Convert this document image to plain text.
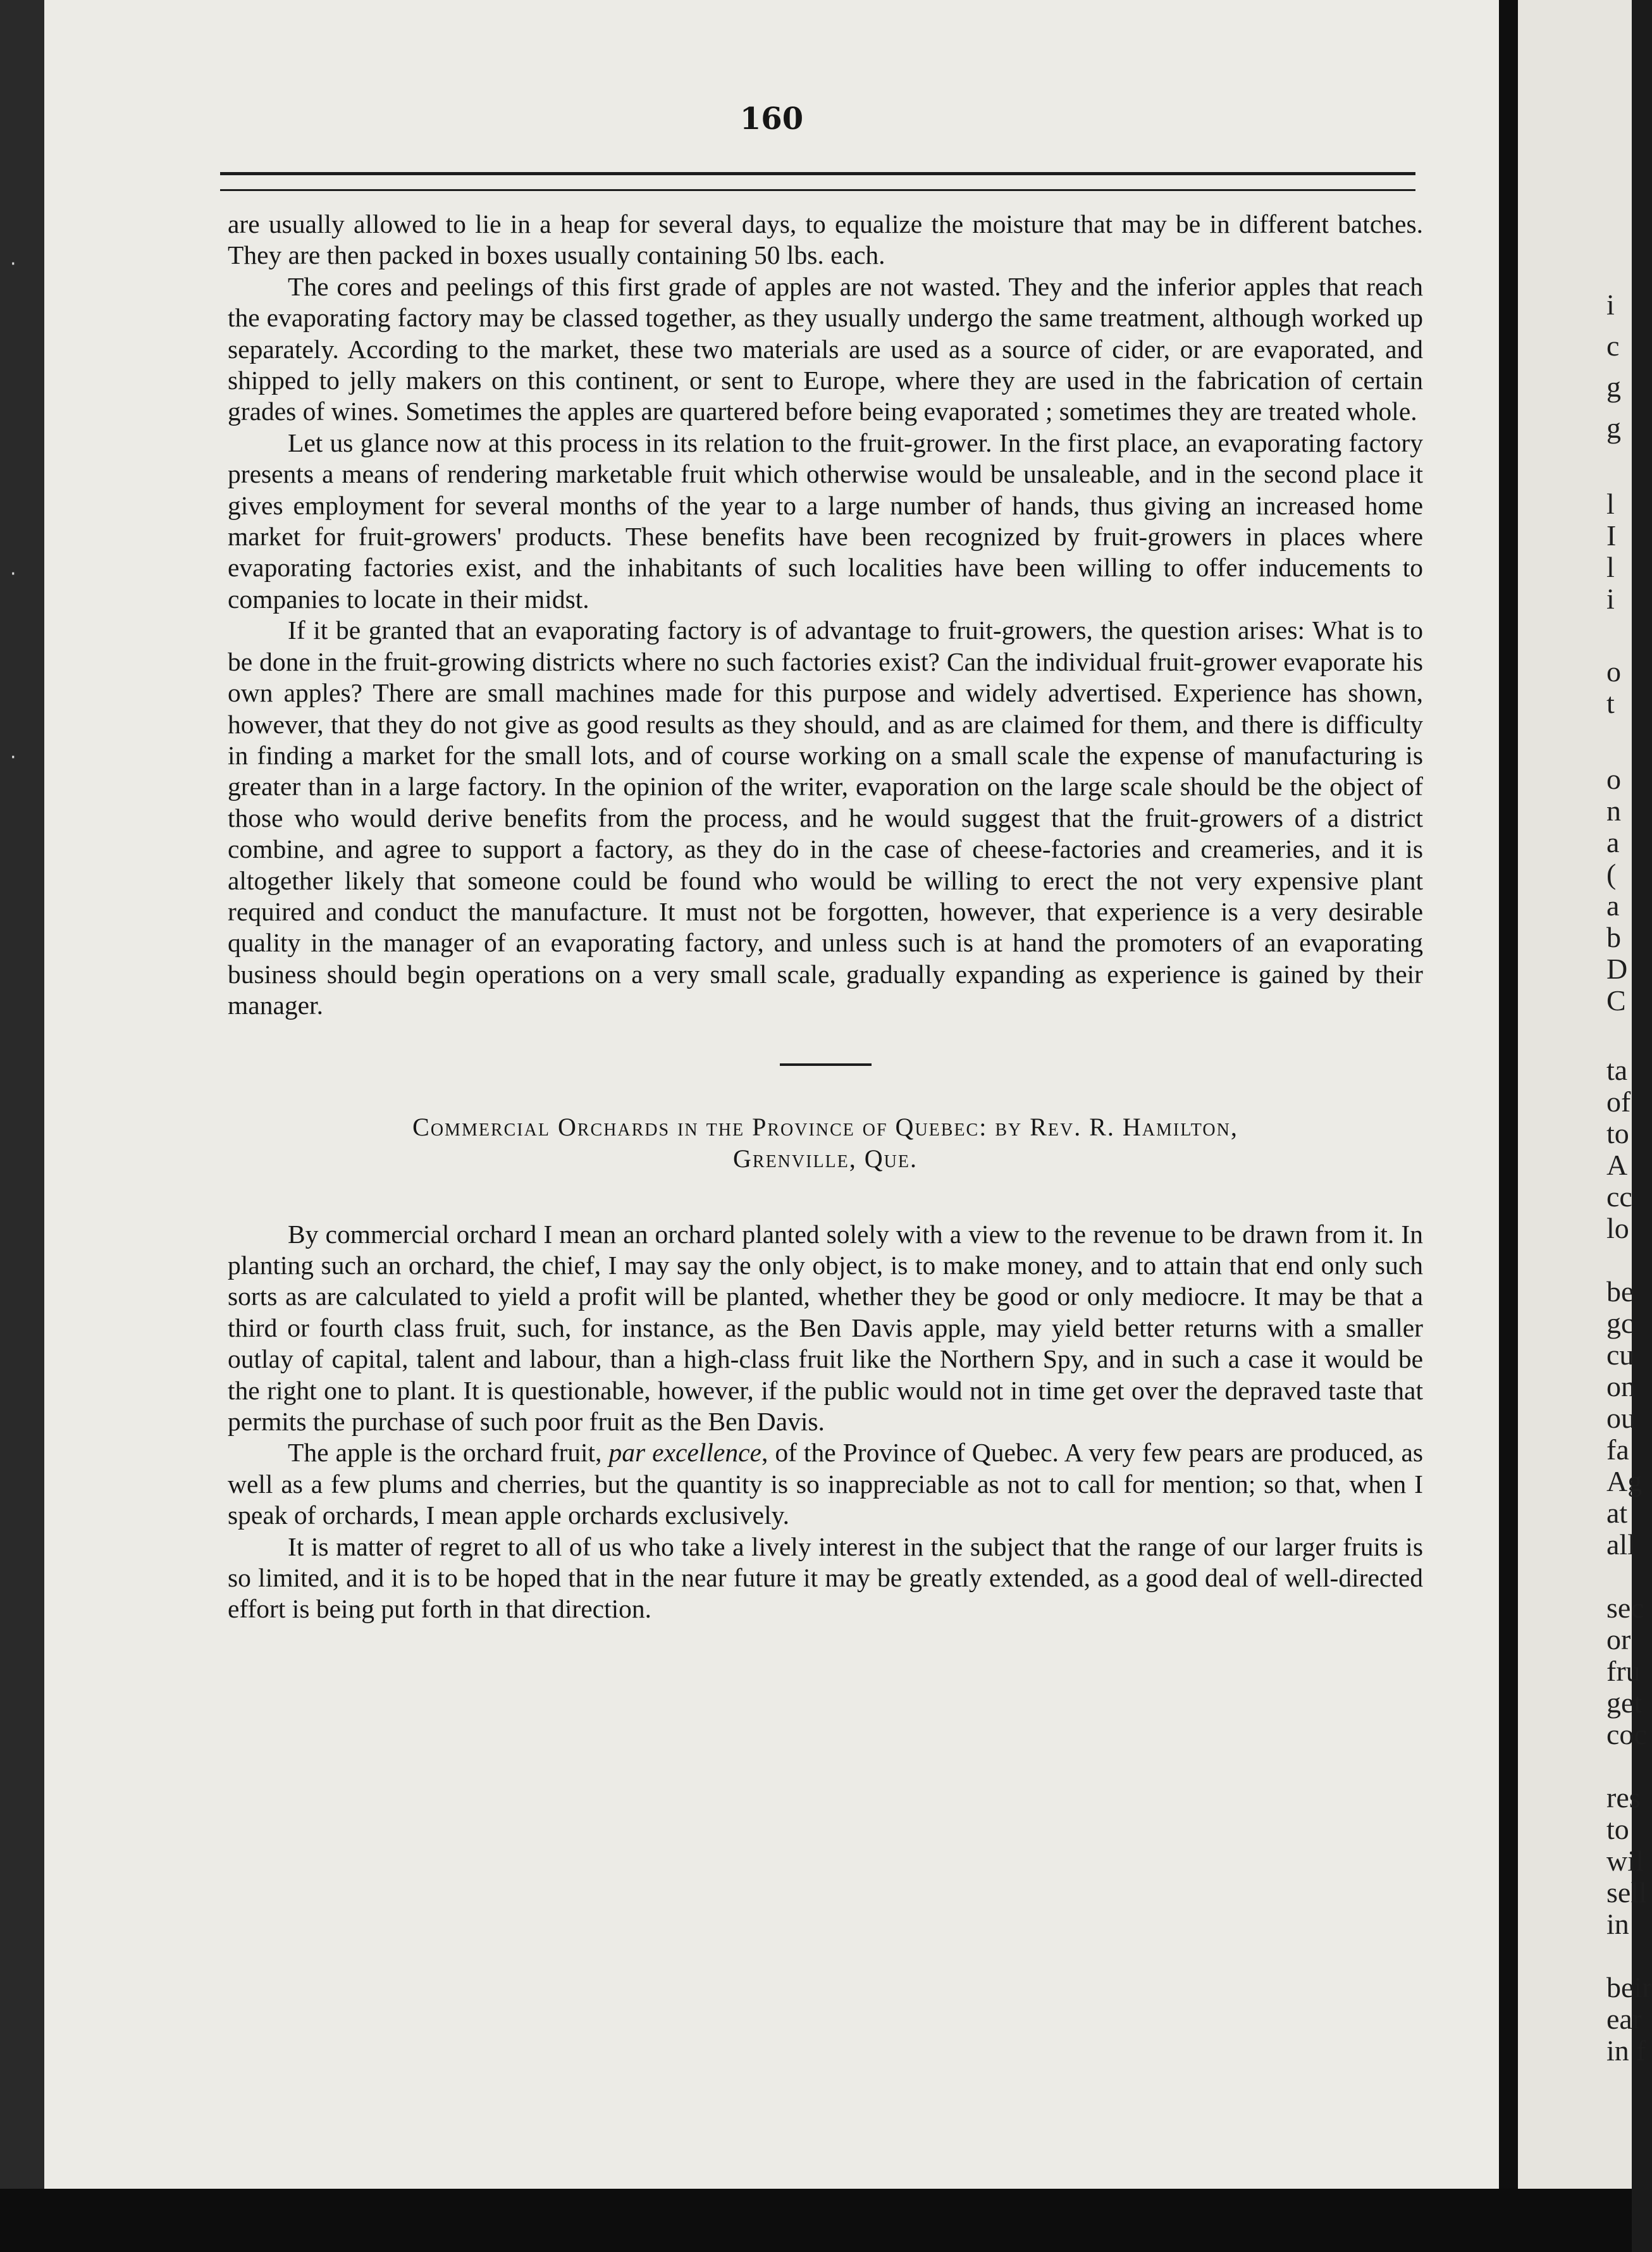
·
·
·
160

are usually allowed to lie in a heap for several days, to equalize the moisture that may be in different batches. They are then packed in boxes usually containing 50 lbs. each.

The cores and peelings of this first grade of apples are not wasted. They and the inferior apples that reach the evaporating factory may be classed together, as they usually undergo the same treatment, although worked up separately. According to the market, these two materials are used as a source of cider, or are evaporated, and shipped to jelly makers on this continent, or sent to Europe, where they are used in the fabrication of certain grades of wines. Sometimes the apples are quartered before being evaporated ; sometimes they are treated whole.

Let us glance now at this process in its relation to the fruit-grower. In the first place, an evaporating factory presents a means of rendering marketable fruit which otherwise would be unsaleable, and in the second place it gives employment for several months of the year to a large number of hands, thus giving an increased home market for fruit-growers' products. These benefits have been recognized by fruit-growers in places where evaporating factories exist, and the inhabitants of such localities have been willing to offer inducements to companies to locate in their midst.

If it be granted that an evaporating factory is of advantage to fruit-growers, the question arises: What is to be done in the fruit-growing districts where no such factories exist? Can the individual fruit-grower evaporate his own apples? There are small machines made for this purpose and widely advertised. Experience has shown, however, that they do not give as good results as they should, and as are claimed for them, and there is difficulty in finding a market for the small lots, and of course working on a small scale the expense of manufacturing is greater than in a large factory. In the opinion of the writer, evaporation on the large scale should be the object of those who would derive benefits from the process, and he would suggest that the fruit-growers of a district combine, and agree to support a factory, as they do in the case of cheese-factories and creameries, and it is altogether likely that someone could be found who would be willing to erect the not very expensive plant required and conduct the manufacture. It must not be forgotten, however, that experience is a very desirable quality in the manager of an evaporating factory, and unless such is at hand the promoters of an evaporating business should begin operations on a very small scale, gradually expanding as experience is gained by their manager.

Commercial Orchards in the Province of Quebec: by Rev. R. Hamilton,
Grenville, Que.

By commercial orchard I mean an orchard planted solely with a view to the revenue to be drawn from it. In planting such an orchard, the chief, I may say the only object, is to make money, and to attain that end only such sorts as are calculated to yield a profit will be planted, whether they be good or only mediocre. It may be that a third or fourth class fruit, such, for instance, as the Ben Davis apple, may yield better returns with a smaller outlay of capital, talent and labour, than a high-class fruit like the Northern Spy, and in such a case it would be the right one to plant. It is questionable, however, if the public would not in time get over the depraved taste that permits the purchase of such poor fruit as the Ben Davis.

The apple is the orchard fruit, par excellence, of the Province of Quebec. A very few pears are produced, as well as a few plums and cherries, but the quantity is so inappreciable as not to call for mention; so that, when I speak of orchards, I mean apple orchards exclusively.

It is matter of regret to all of us who take a lively interest in the subject that the range of our larger fruits is so limited, and it is to be hoped that in the near future it may be greatly extended, as a good deal of well-directed effort is being put forth in that direction.

i
c
g
g
l
I
l
i
o
t
o
n
a
(
a
b
D
C
ta
of
to
A
cc
lo
be
gc
cu
on
ou
fa
Ag
at
all
sec
or
fru
get
coc
res
to
wil
sell
in
beir
ear
in f
